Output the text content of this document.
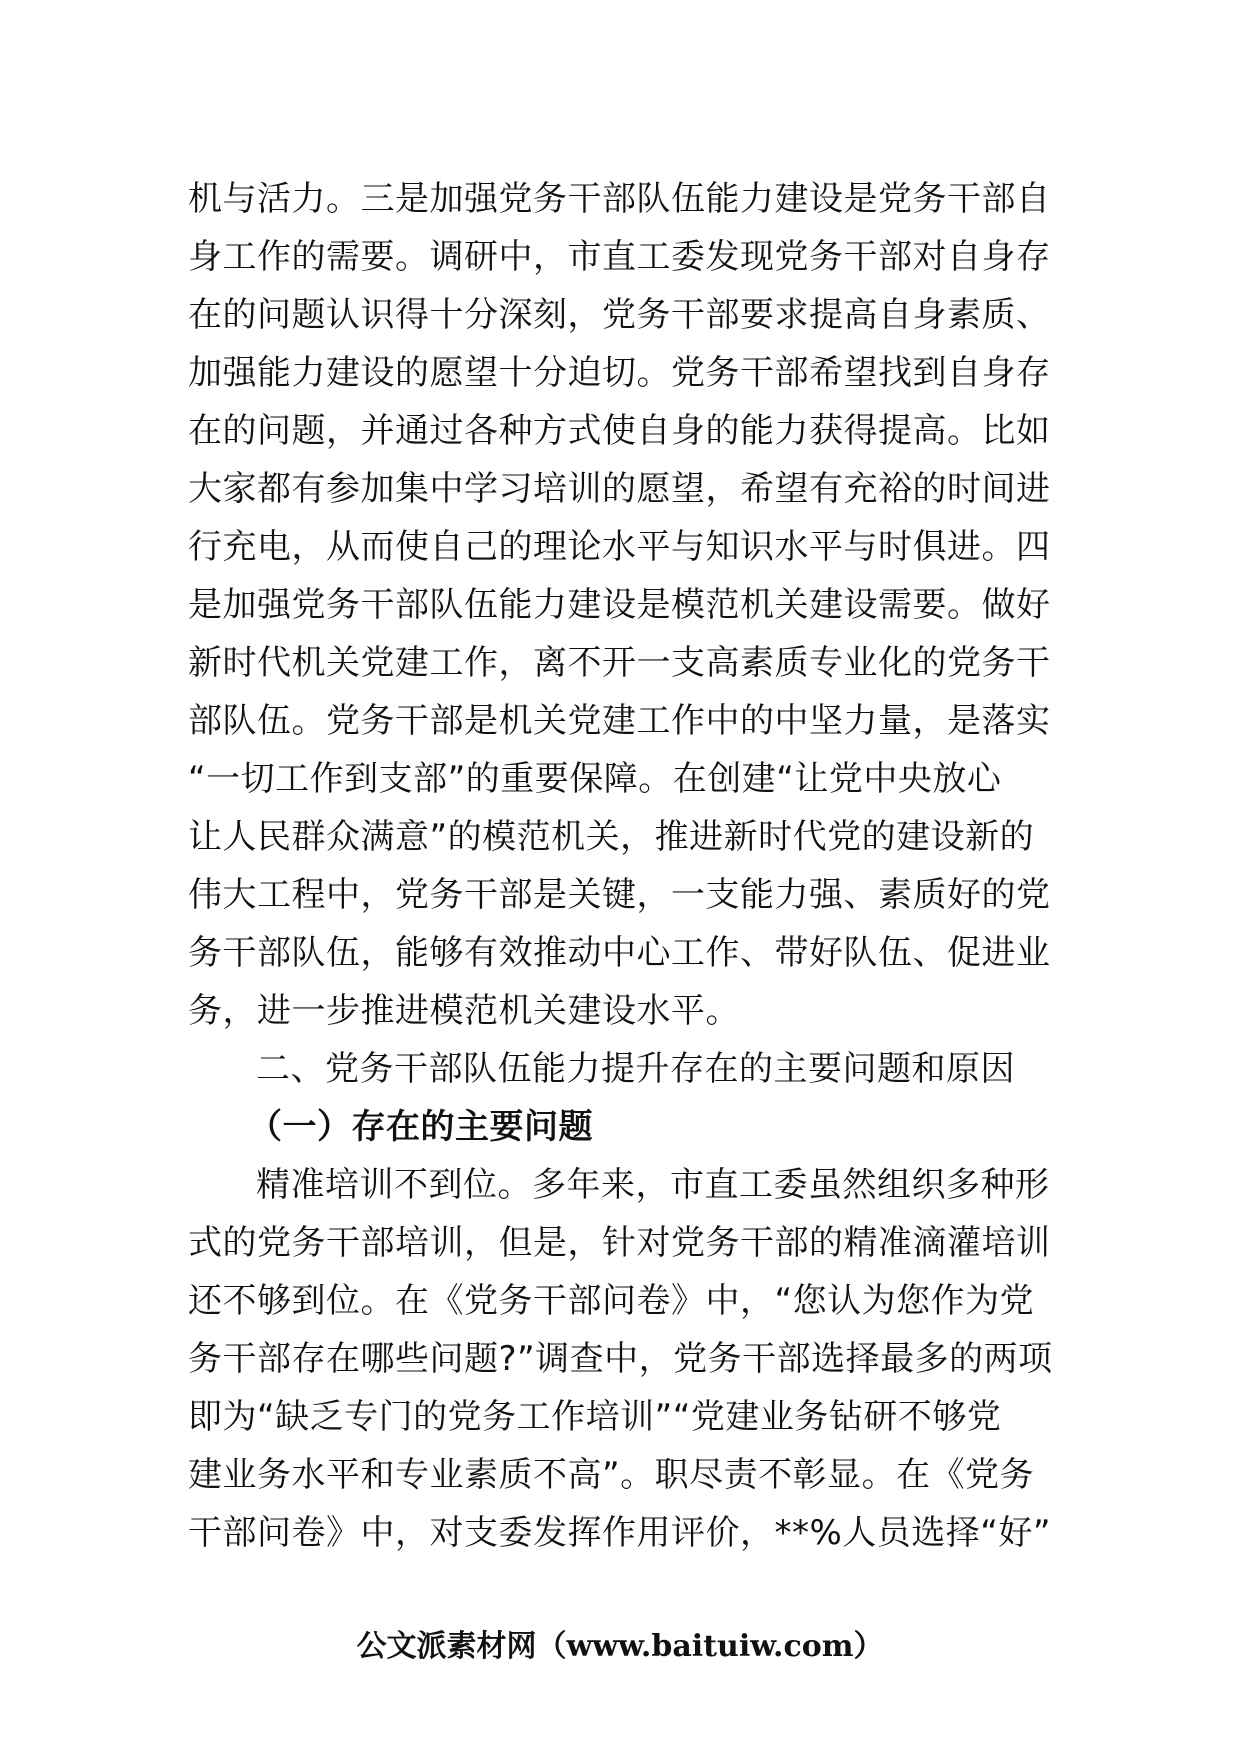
机与活力。三是加强党务干部队伍能力建设是党务干部自
身工作的需要。调研中，市直工委发现党务干部对自身存
在的问题认识得十分深刻，党务干部要求提高自身素质、
加强能力建设的愿望十分迫切。党务干部希望找到自身存
在的问题，并通过各种方式使自身的能力获得提高。比如
大家都有参加集中学习培训的愿望，希望有充裕的时间进
行充电，从而使自己的理论水平与知识水平与时俱进。四
是加强党务干部队伍能力建设是模范机关建设需要。做好
新时代机关党建工作，离不开一支高素质专业化的党务干
部队伍。党务干部是机关党建工作中的中坚力量，是落实
“一切工作到支部”的重要保障。在创建“让党中央放心
让人民群众满意”的模范机关，推进新时代党的建设新的
伟大工程中，党务干部是关键，一支能力强、素质好的党
务干部队伍，能够有效推动中心工作、带好队伍、促进业
务，进一步推进模范机关建设水平。
二、党务干部队伍能力提升存在的主要问题和原因
（一）存在的主要问题
精准培训不到位。多年来，市直工委虽然组织多种形
式的党务干部培训，但是，针对党务干部的精准滴灌培训
还不够到位。在《党务干部问卷》中，“您认为您作为党
务干部存在哪些问题?”调查中，党务干部选择最多的两项
即为“缺乏专门的党务工作培训”“党建业务钻研不够党
建业务水平和专业素质不高”。职尽责不彰显。在《党务
干部问卷》中，对支委发挥作用评价，**%人员选择“好”
公文派素材网（www.baituiw.com）
